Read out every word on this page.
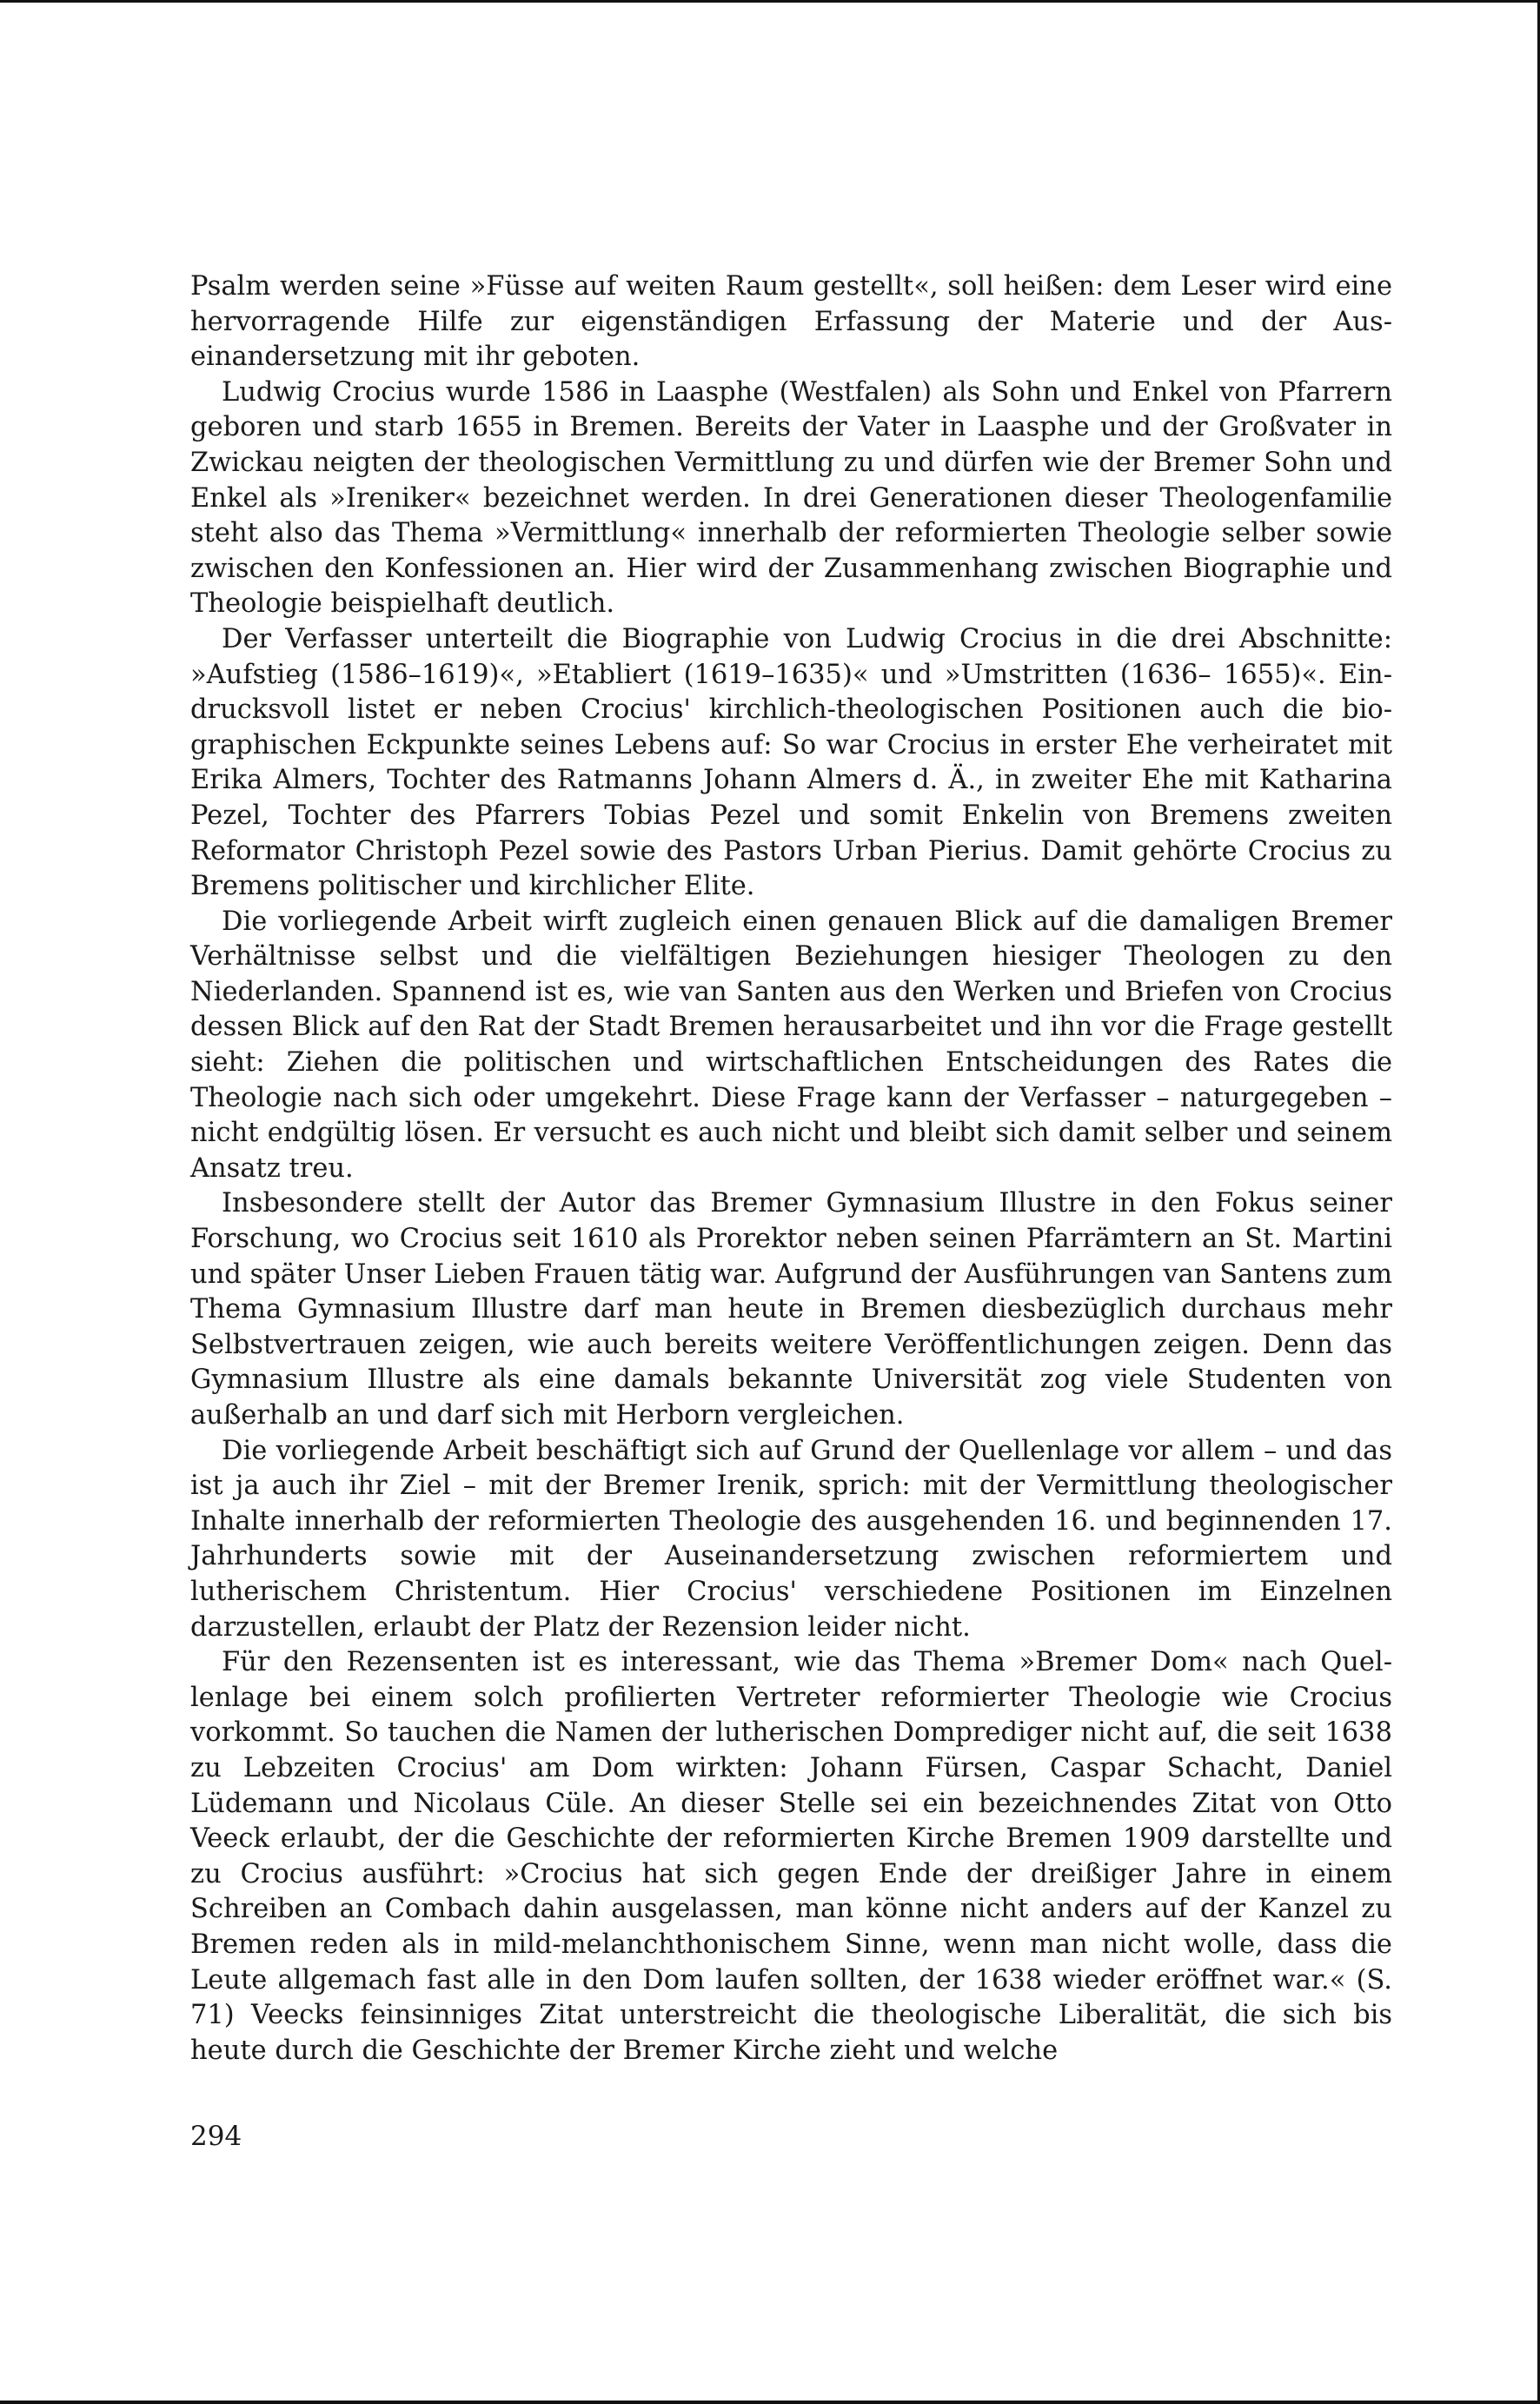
Psalm werden seine »Füsse auf weiten Raum gestellt«, soll heißen: dem Leser wird eine hervorragende Hilfe zur eigenständigen Erfassung der Materie und der Auseinandersetzung mit ihr geboten.

Ludwig Crocius wurde 1586 in Laasphe (Westfalen) als Sohn und Enkel von Pfarrern geboren und starb 1655 in Bremen. Bereits der Vater in Laasphe und der Großvater in Zwickau neigten der theologischen Vermittlung zu und dürfen wie der Bremer Sohn und Enkel als »Ireniker« bezeichnet werden. In drei Generationen dieser Theologenfamilie steht also das Thema »Vermittlung« innerhalb der reformierten Theologie selber sowie zwischen den Konfessionen an. Hier wird der Zusammenhang zwischen Biographie und Theologie beispielhaft deutlich.

Der Verfasser unterteilt die Biographie von Ludwig Crocius in die drei Abschnitte: »Aufstieg (1586–1619)«, »Etabliert (1619–1635)« und »Umstritten (1636– 1655)«. Eindrucksvoll listet er neben Crocius' kirchlich-theologischen Positionen auch die biographischen Eckpunkte seines Lebens auf: So war Crocius in erster Ehe verheiratet mit Erika Almers, Tochter des Ratmanns Johann Almers d. Ä., in zweiter Ehe mit Katharina Pezel, Tochter des Pfarrers Tobias Pezel und somit Enkelin von Bremens zweiten Reformator Christoph Pezel sowie des Pastors Urban Pierius. Damit gehörte Crocius zu Bremens politischer und kirchlicher Elite.

Die vorliegende Arbeit wirft zugleich einen genauen Blick auf die damaligen Bremer Verhältnisse selbst und die vielfältigen Beziehungen hiesiger Theologen zu den Niederlanden. Spannend ist es, wie van Santen aus den Werken und Briefen von Crocius dessen Blick auf den Rat der Stadt Bremen herausarbeitet und ihn vor die Frage gestellt sieht: Ziehen die politischen und wirtschaftlichen Entscheidungen des Rates die Theologie nach sich oder umgekehrt. Diese Frage kann der Verfasser – naturgegeben – nicht endgültig lösen. Er versucht es auch nicht und bleibt sich damit selber und seinem Ansatz treu.

Insbesondere stellt der Autor das Bremer Gymnasium Illustre in den Fokus seiner Forschung, wo Crocius seit 1610 als Prorektor neben seinen Pfarrämtern an St. Martini und später Unser Lieben Frauen tätig war. Aufgrund der Ausführungen van Santens zum Thema Gymnasium Illustre darf man heute in Bremen diesbezüglich durchaus mehr Selbstvertrauen zeigen, wie auch bereits weitere Veröffentlichungen zeigen. Denn das Gymnasium Illustre als eine damals bekannte Universität zog viele Studenten von außerhalb an und darf sich mit Herborn vergleichen.

Die vorliegende Arbeit beschäftigt sich auf Grund der Quellenlage vor allem – und das ist ja auch ihr Ziel – mit der Bremer Irenik, sprich: mit der Vermittlung theologischer Inhalte innerhalb der reformierten Theologie des ausgehenden 16. und beginnenden 17. Jahrhunderts sowie mit der Auseinandersetzung zwischen reformiertem und lutherischem Christentum. Hier Crocius' verschiedene Positionen im Einzelnen darzustellen, erlaubt der Platz der Rezension leider nicht.

Für den Rezensenten ist es interessant, wie das Thema »Bremer Dom« nach Quellenlage bei einem solch profilierten Vertreter reformierter Theologie wie Crocius vorkommt. So tauchen die Namen der lutherischen Domprediger nicht auf, die seit 1638 zu Lebzeiten Crocius' am Dom wirkten: Johann Fürsen, Caspar Schacht, Daniel Lüdemann und Nicolaus Cüle. An dieser Stelle sei ein bezeichnendes Zitat von Otto Veeck erlaubt, der die Geschichte der reformierten Kirche Bremen 1909 darstellte und zu Crocius ausführt: »Crocius hat sich gegen Ende der dreißiger Jahre in einem Schreiben an Combach dahin ausgelassen, man könne nicht anders auf der Kanzel zu Bremen reden als in mild-melanchthonischem Sinne, wenn man nicht wolle, dass die Leute allgemach fast alle in den Dom laufen sollten, der 1638 wieder eröffnet war.« (S. 71) Veecks feinsinniges Zitat unterstreicht die theologische Liberalität, die sich bis heute durch die Geschichte der Bremer Kirche zieht und welche

294
